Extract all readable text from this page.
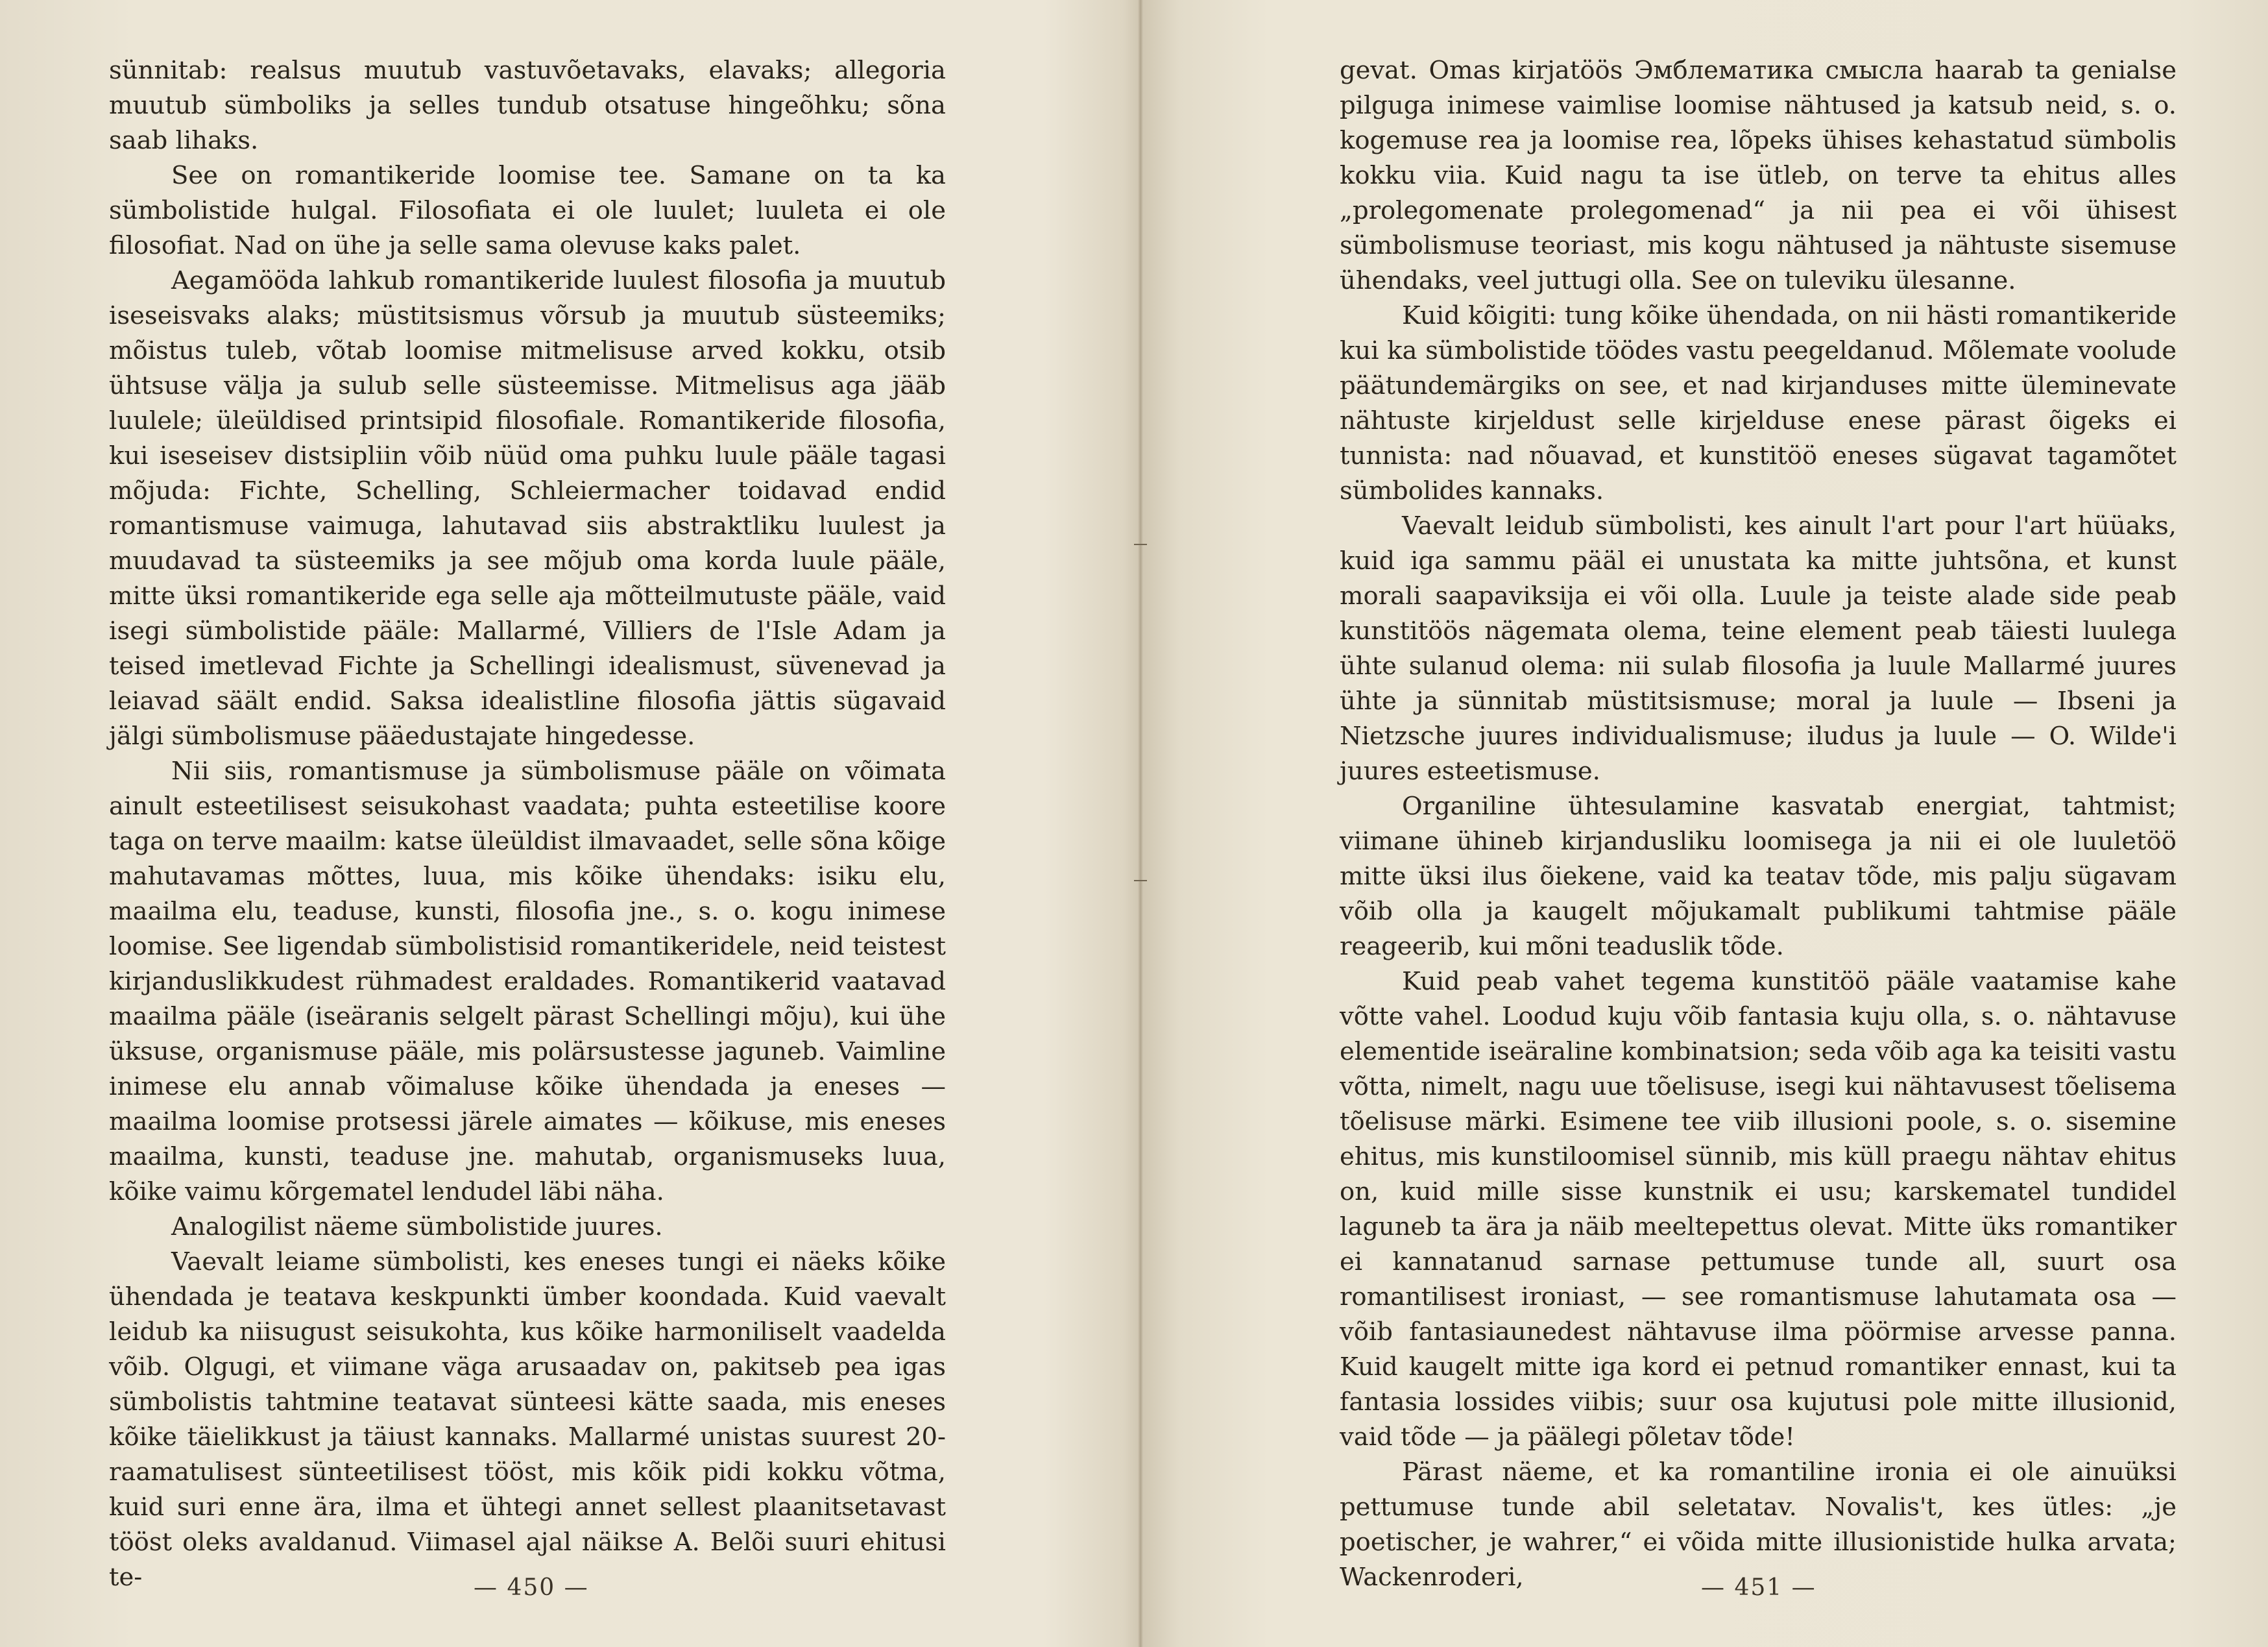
sünnitab: realsus muutub vastuvõetavaks, elavaks; allegoria muutub sümboliks ja selles tundub otsatuse hingeõhku; sõna saab lihaks.

See on romantikeride loomise tee. Samane on ta ka sümbolistide hulgal. Filosofiata ei ole luulet; luuleta ei ole filosofiat. Nad on ühe ja selle sama olevuse kaks palet.

Aegamööda lahkub romantikeride luulest filosofia ja muutub iseseisvaks alaks; müstitsismus võrsub ja muutub süsteemiks; mõistus tuleb, võtab loomise mitmelisuse arved kokku, otsib ühtsuse välja ja sulub selle süsteemisse. Mitmelisus aga jääb luulele; üleüldised printsipid filosofiale. Romantikeride filosofia, kui iseseisev distsipliin võib nüüd oma puhku luule pääle tagasi mõjuda: Fichte, Schelling, Schleiermacher toidavad endid romantismuse vaimuga, lahutavad siis abstraktliku luulest ja muudavad ta süsteemiks ja see mõjub oma korda luule pääle, mitte üksi romantikeride ega selle aja mõtteilmutuste pääle, vaid isegi sümbolistide pääle: Mallarmé, Villiers de l'Isle Adam ja teised imetlevad Fichte ja Schellingi idealismust, süvenevad ja leiavad säält endid. Saksa idealistline filosofia jättis sügavaid jälgi sümbolismuse pääedustajate hingedesse.

Nii siis, romantismuse ja sümbolismuse pääle on võimata ainult esteetilisest seisukohast vaadata; puhta esteetilise koore taga on terve maailm: katse üleüldist ilmavaadet, selle sõna kõige mahutavamas mõttes, luua, mis kõike ühendaks: isiku elu, maailma elu, teaduse, kunsti, filosofia jne., s. o. kogu inimese loomise. See ligendab sümbolistisid romantikeridele, neid teistest kirjanduslikkudest rühmadest eraldades. Romantikerid vaatavad maailma pääle (iseäranis selgelt pärast Schellingi mõju), kui ühe üksuse, organismuse pääle, mis polärsustesse jaguneb. Vaimline inimese elu annab võimaluse kõike ühendada ja eneses — maailma loomise protsessi järele aimates — kõikuse, mis eneses maailma, kunsti, teaduse jne. mahutab, organismuseks luua, kõike vaimu kõrgematel lendudel läbi näha.

Analogilist näeme sümbolistide juures.

Vaevalt leiame sümbolisti, kes eneses tungi ei näeks kõike ühendada je teatava keskpunkti ümber koondada. Kuid vaevalt leidub ka niisugust seisukohta, kus kõike harmoniliselt vaadelda võib. Olgugi, et viimane väga arusaadav on, pakitseb pea igas sümbolistis tahtmine teatavat sünteesi kätte saada, mis eneses kõike täielikkust ja täiust kannaks. Mallarmé unistas suurest 20-raamatulisest sünteetilisest tööst, mis kõik pidi kokku võtma, kuid suri enne ära, ilma et ühtegi annet sellest plaanitsetavast tööst oleks avaldanud. Viimasel ajal näikse A. Belõi suuri ehitusi te-	— 450 —

gevat. Omas kirjatöös Эмблематика смысла haarab ta genialse pilguga inimese vaimlise loomise nähtused ja katsub neid, s. o. kogemuse rea ja loomise rea, lõpeks ühises kehastatud sümbolis kokku viia. Kuid nagu ta ise ütleb, on terve ta ehitus alles „prolegomenate prolegomenad“ ja nii pea ei või ühisest sümbolismuse teoriast, mis kogu nähtused ja nähtuste sisemuse ühendaks, veel juttugi olla. See on tuleviku ülesanne.

Kuid kõigiti: tung kõike ühendada, on nii hästi romantikeride kui ka sümbolistide töödes vastu peegeldanud. Mõlemate voolude päätundemärgiks on see, et nad kirjanduses mitte üleminevate nähtuste kirjeldust selle kirjelduse enese pärast õigeks ei tunnista: nad nõuavad, et kunstitöö eneses sügavat tagamõtet sümbolides kannaks.

Vaevalt leidub sümbolisti, kes ainult l'art pour l'art hüüaks, kuid iga sammu pääl ei unustata ka mitte juhtsõna, et kunst morali saapaviksija ei või olla. Luule ja teiste alade side peab kunstitöös nägemata olema, teine element peab täiesti luulega ühte sulanud olema: nii sulab filosofia ja luule Mallarmé juures ühte ja sünnitab müstitsismuse; moral ja luule — Ibseni ja Nietzsche juures individualismuse; iludus ja luule — O. Wilde'i juures esteetismuse.

Organiline ühtesulamine kasvatab energiat, tahtmist; viimane ühineb kirjandusliku loomisega ja nii ei ole luuletöö mitte üksi ilus õiekene, vaid ka teatav tõde, mis palju sügavam võib olla ja kaugelt mõjukamalt publikumi tahtmise pääle reageerib, kui mõni teaduslik tõde.

Kuid peab vahet tegema kunstitöö pääle vaatamise kahe võtte vahel. Loodud kuju võib fantasia kuju olla, s. o. nähtavuse elementide iseäraline kombinatsion; seda võib aga ka teisiti vastu võtta, nimelt, nagu uue tõelisuse, isegi kui nähtavusest tõelisema tõelisuse märki. Esimene tee viib illusioni poole, s. o. sisemine ehitus, mis kunstiloomisel sünnib, mis küll praegu nähtav ehitus on, kuid mille sisse kunstnik ei usu; karskematel tundidel laguneb ta ära ja näib meeltepettus olevat. Mitte üks romantiker ei kannatanud sarnase pettumuse tunde all, suurt osa romantilisest ironiast, — see romantismuse lahutamata osa — võib fantasiaunedest nähtavuse ilma pöörmise arvesse panna. Kuid kaugelt mitte iga kord ei petnud romantiker ennast, kui ta fantasia lossides viibis; suur osa kujutusi pole mitte illusionid, vaid tõde — ja päälegi põletav tõde!

Pärast näeme, et ka romantiline ironia ei ole ainuüksi pettumuse tunde abil seletatav. Novalis't, kes ütles: „je poetischer, je wahrer,“ ei võida mitte illusionistide hulka arvata; Wackenroderi,	— 451 —
